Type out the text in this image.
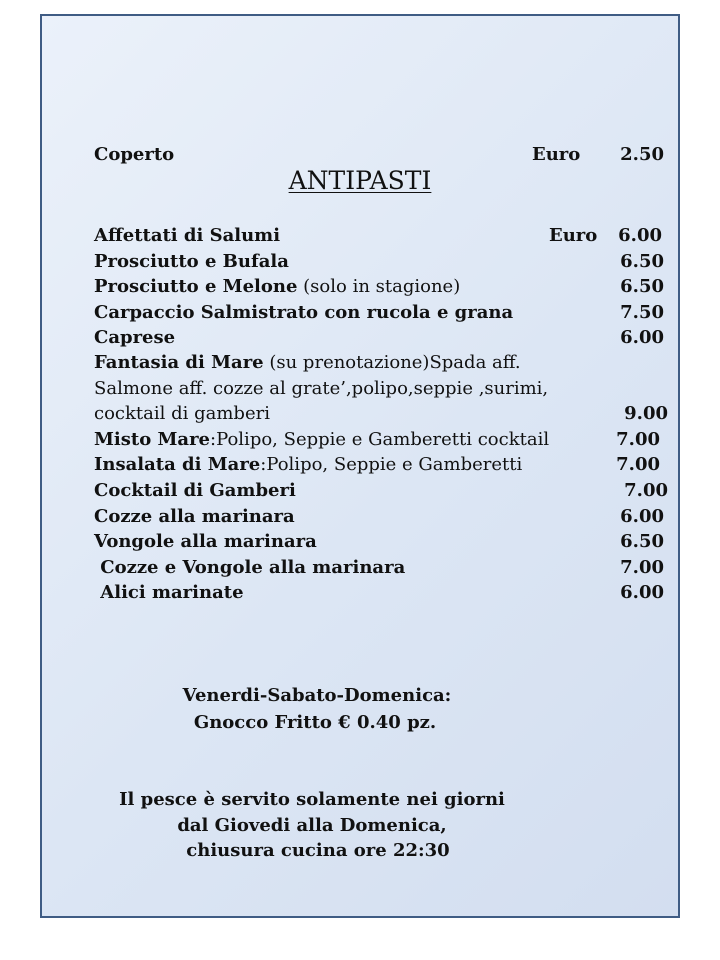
Coperto	Euro 2.50
ANTIPASTI
Affettati di Salumi	Euro 6.00
Prosciutto e Bufala	6.50
Prosciutto e Melone (solo in stagione)	6.50
Carpaccio Salmistrato con rucola e grana	7.50
Caprese	6.00
Fantasia di Mare (su prenotazione)Spada aff.
Salmone aff. cozze al grate’,polipo,seppie ,surimi,
cocktail di gamberi	9.00
Misto Mare:Polipo, Seppie e Gamberetti cocktail	7.00
Insalata di Mare:Polipo, Seppie e Gamberetti	7.00
Cocktail di Gamberi	7.00
Cozze alla marinara	6.00
Vongole alla marinara	6.50
Cozze e Vongole alla marinara	7.00
Alici marinate	6.00
Venerdi-Sabato-Domenica:
Gnocco Fritto € 0.40 pz.
Il pesce è servito solamente nei giorni
dal Giovedi alla Domenica,
chiusura cucina ore 22:30
